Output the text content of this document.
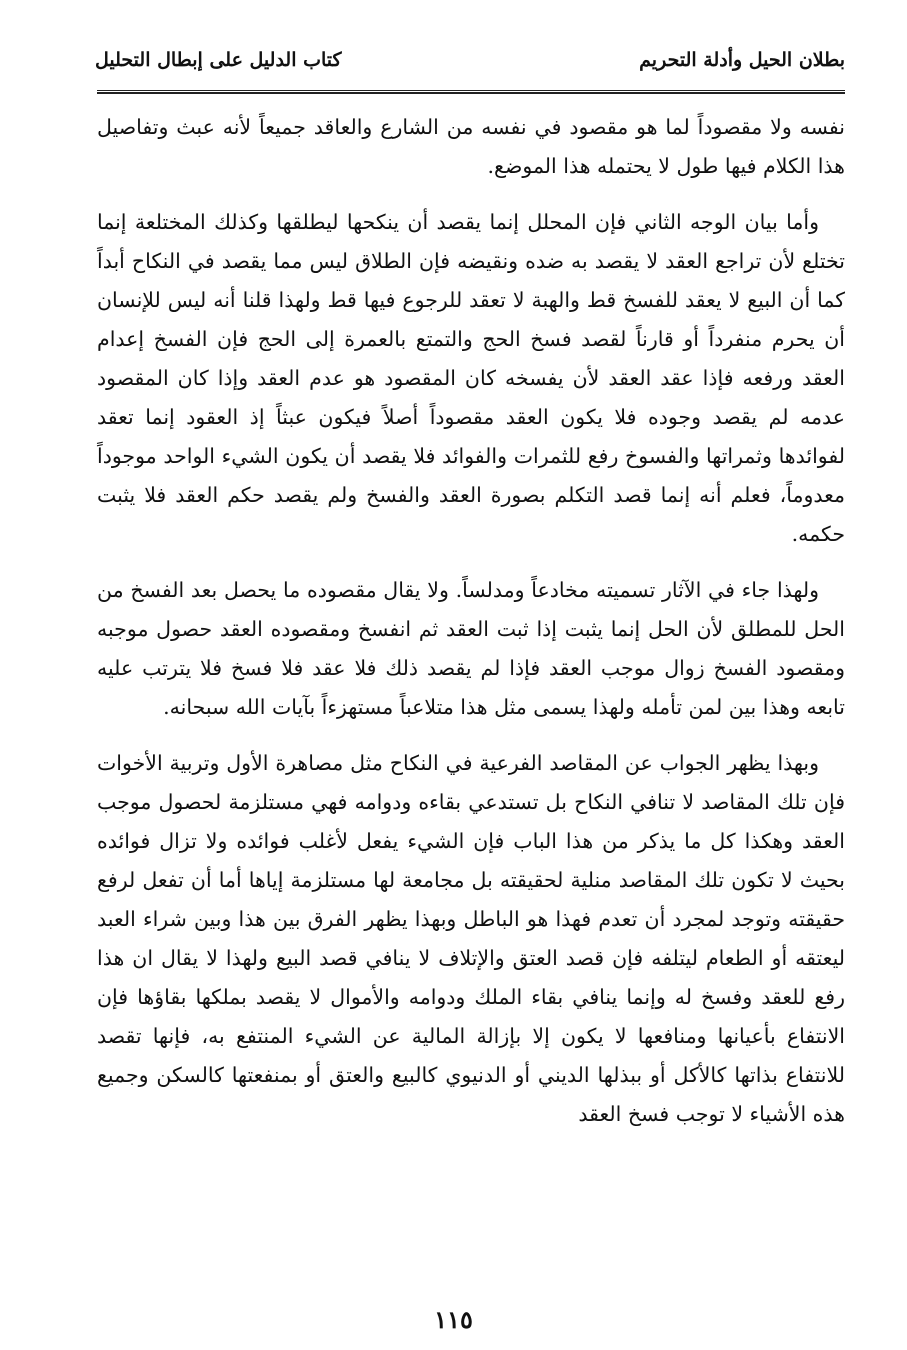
بطلان الحيل وأدلة التحريم
كتاب الدليل على إبطال التحليل

نفسه ولا مقصوداً لما هو مقصود في نفسه من الشارع والعاقد جميعاً لأنه عبث وتفاصيل هذا الكلام فيها طول لا يحتمله هذا الموضع.

وأما بيان الوجه الثاني فإن المحلل إنما يقصد أن ينكحها ليطلقها وكذلك المختلعة إنما تختلع لأن تراجع العقد لا يقصد به ضده ونقيضه فإن الطلاق ليس مما يقصد في النكاح أبداً كما أن البيع لا يعقد للفسخ قط والهبة لا تعقد للرجوع فيها قط ولهذا قلنا أنه ليس للإنسان أن يحرم منفرداً أو قارناً لقصد فسخ الحج والتمتع بالعمرة إلى الحج فإن الفسخ إعدام العقد ورفعه فإذا عقد العقد لأن يفسخه كان المقصود هو عدم العقد وإذا كان المقصود عدمه لم يقصد وجوده فلا يكون العقد مقصوداً أصلاً فيكون عبثاً إذ العقود إنما تعقد لفوائدها وثمراتها والفسوخ رفع للثمرات والفوائد فلا يقصد أن يكون الشيء الواحد موجوداً معدوماً، فعلم أنه إنما قصد التكلم بصورة العقد والفسخ ولم يقصد حكم العقد فلا يثبت حكمه.

ولهذا جاء في الآثار تسميته مخادعاً ومدلساً. ولا يقال مقصوده ما يحصل بعد الفسخ من الحل للمطلق لأن الحل إنما يثبت إذا ثبت العقد ثم انفسخ ومقصوده العقد حصول موجبه ومقصود الفسخ زوال موجب العقد فإذا لم يقصد ذلك فلا عقد فلا فسخ فلا يترتب عليه تابعه وهذا بين لمن تأمله ولهذا يسمى مثل هذا متلاعباً مستهزءاً بآيات الله سبحانه.

وبهذا يظهر الجواب عن المقاصد الفرعية في النكاح مثل مصاهرة الأول وتربية الأخوات فإن تلك المقاصد لا تنافي النكاح بل تستدعي بقاءه ودوامه فهي مستلزمة لحصول موجب العقد وهكذا كل ما يذكر من هذا الباب فإن الشيء يفعل لأغلب فوائده ولا تزال فوائده بحيث لا تكون تلك المقاصد منلية لحقيقته بل مجامعة لها مستلزمة إياها أما أن تفعل لرفع حقيقته وتوجد لمجرد أن تعدم فهذا هو الباطل وبهذا يظهر الفرق بين هذا وبين شراء العبد ليعتقه أو الطعام ليتلفه فإن قصد العتق والإتلاف لا ينافي قصد البيع ولهذا لا يقال ان هذا رفع للعقد وفسخ له وإنما ينافي بقاء الملك ودوامه والأموال لا يقصد بملكها بقاؤها فإن الانتفاع بأعيانها ومنافعها لا يكون إلا بإزالة المالية عن الشيء المنتفع به، فإنها تقصد للانتفاع بذاتها كالأكل أو ببذلها الديني أو الدنيوي كالبيع والعتق أو بمنفعتها كالسكن وجميع هذه الأشياء لا توجب فسخ العقد

١١٥
